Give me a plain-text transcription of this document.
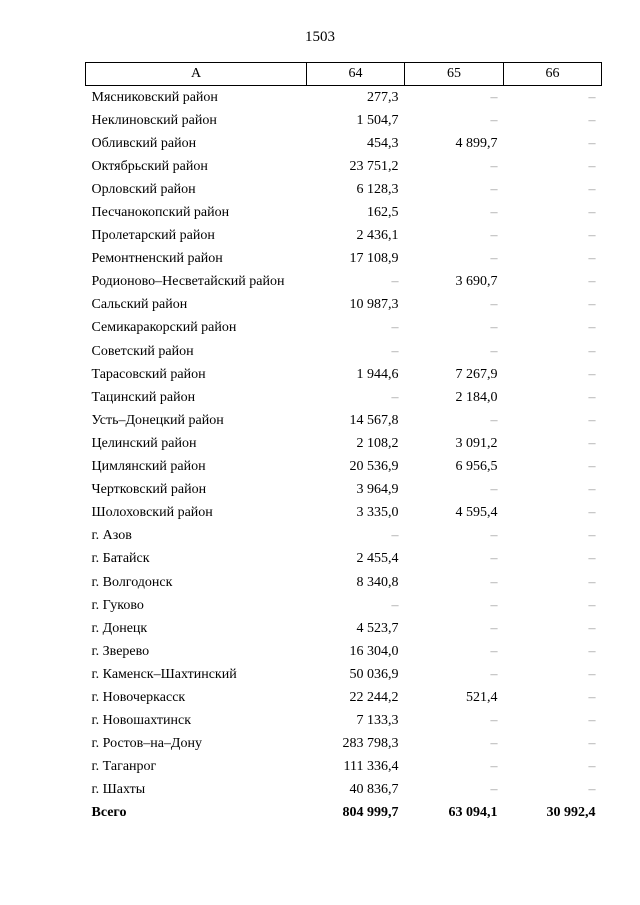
1503
А	64	65	66
Мясниковский район	277,3	–	–
Неклиновский район	1 504,7	–	–
Обливский район	454,3	4 899,7	–
Октябрьский район	23 751,2	–	–
Орловский район	6 128,3	–	–
Песчанокопский район	162,5	–	–
Пролетарский район	2 436,1	–	–
Ремонтненский район	17 108,9	–	–
Родионово–Несветайский район	–	3 690,7	–
Сальский район	10 987,3	–	–
Семикаракорский район	–	–	–
Советский район	–	–	–
Тарасовский район	1 944,6	7 267,9	–
Тацинский район	–	2 184,0	–
Усть–Донецкий район	14 567,8	–	–
Целинский район	2 108,2	3 091,2	–
Цимлянский район	20 536,9	6 956,5	–
Чертковский район	3 964,9	–	–
Шолоховский район	3 335,0	4 595,4	–
г. Азов	–	–	–
г. Батайск	2 455,4	–	–
г. Волгодонск	8 340,8	–	–
г. Гуково	–	–	–
г. Донецк	4 523,7	–	–
г. Зверево	16 304,0	–	–
г. Каменск–Шахтинский	50 036,9	–	–
г. Новочеркасск	22 244,2	521,4	–
г. Новошахтинск	7 133,3	–	–
г. Ростов–на–Дону	283 798,3	–	–
г. Таганрог	111 336,4	–	–
г. Шахты	40 836,7	–	–
Всего	804 999,7	63 094,1	30 992,4
